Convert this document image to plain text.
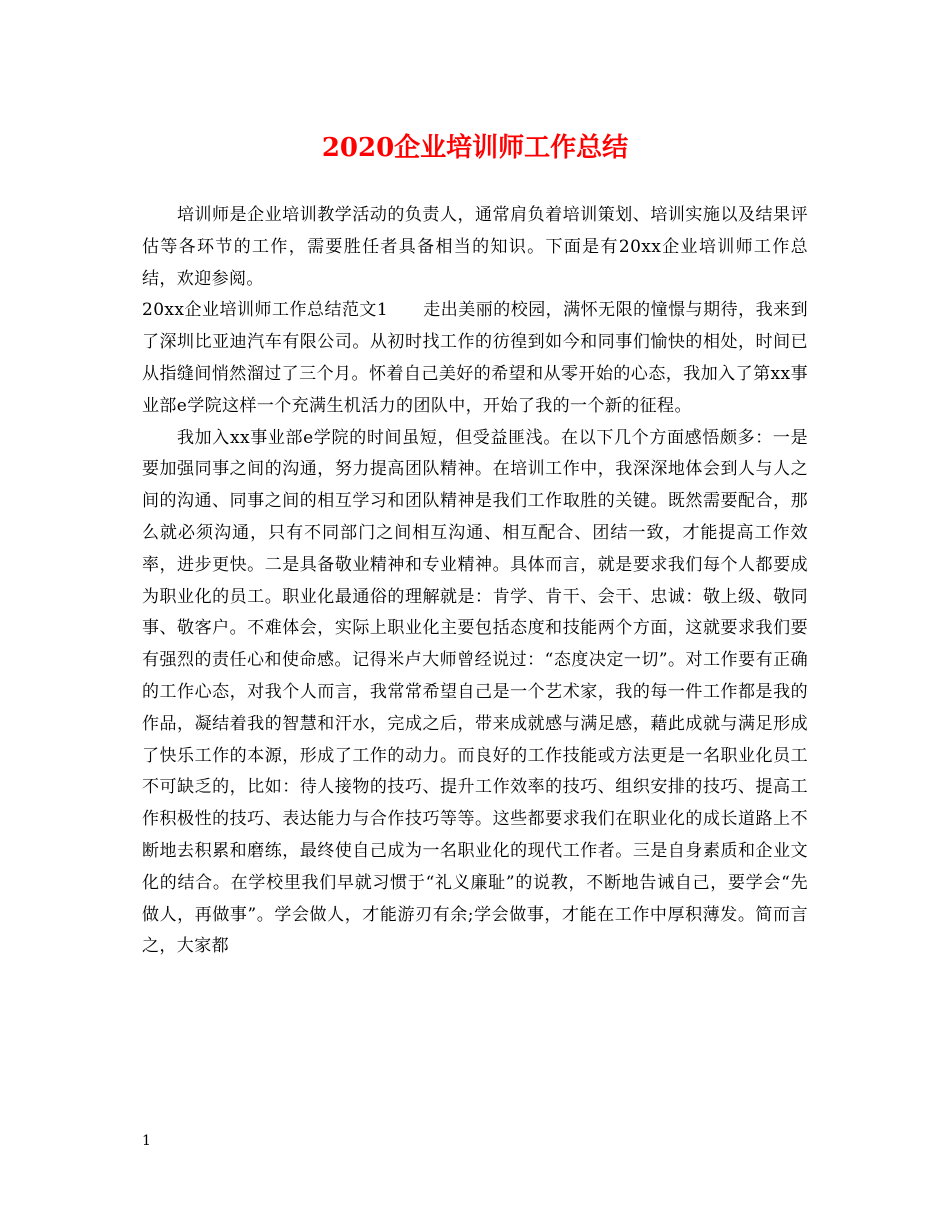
2020企业培训师工作总结

培训师是企业培训教学活动的负责人，通常肩负着培训策划、培训实施以及结果评估等各环节的工作，需要胜任者具备相当的知识。下面是有20xx企业培训师工作总结，欢迎参阅。

20xx企业培训师工作总结范文1　　走出美丽的校园，满怀无限的憧憬与期待，我来到了深圳比亚迪汽车有限公司。从初时找工作的彷徨到如今和同事们愉快的相处，时间已从指缝间悄然溜过了三个月。怀着自己美好的希望和从零开始的心态，我加入了第xx事业部e学院这样一个充满生机活力的团队中，开始了我的一个新的征程。

我加入xx事业部e学院的时间虽短，但受益匪浅。在以下几个方面感悟颇多：一是要加强同事之间的沟通，努力提高团队精神。在培训工作中，我深深地体会到人与人之间的沟通、同事之间的相互学习和团队精神是我们工作取胜的关键。既然需要配合，那么就必须沟通，只有不同部门之间相互沟通、相互配合、团结一致，才能提高工作效率，进步更快。二是具备敬业精神和专业精神。具体而言，就是要求我们每个人都要成为职业化的员工。职业化最通俗的理解就是：肯学、肯干、会干、忠诚：敬上级、敬同事、敬客户。不难体会，实际上职业化主要包括态度和技能两个方面，这就要求我们要有强烈的责任心和使命感。记得米卢大师曾经说过：“态度决定一切”。对工作要有正确的工作心态，对我个人而言，我常常希望自己是一个艺术家，我的每一件工作都是我的作品，凝结着我的智慧和汗水，完成之后，带来成就感与满足感，藉此成就与满足形成了快乐工作的本源，形成了工作的动力。而良好的工作技能或方法更是一名职业化员工不可缺乏的，比如：待人接物的技巧、提升工作效率的技巧、组织安排的技巧、提高工作积极性的技巧、表达能力与合作技巧等等。这些都要求我们在职业化的成长道路上不断地去积累和磨练，最终使自己成为一名职业化的现代工作者。三是自身素质和企业文化的结合。在学校里我们早就习惯于“礼义廉耻”的说教，不断地告诫自己，要学会“先做人，再做事”。学会做人，才能游刃有余;学会做事，才能在工作中厚积薄发。简而言之，大家都

1
